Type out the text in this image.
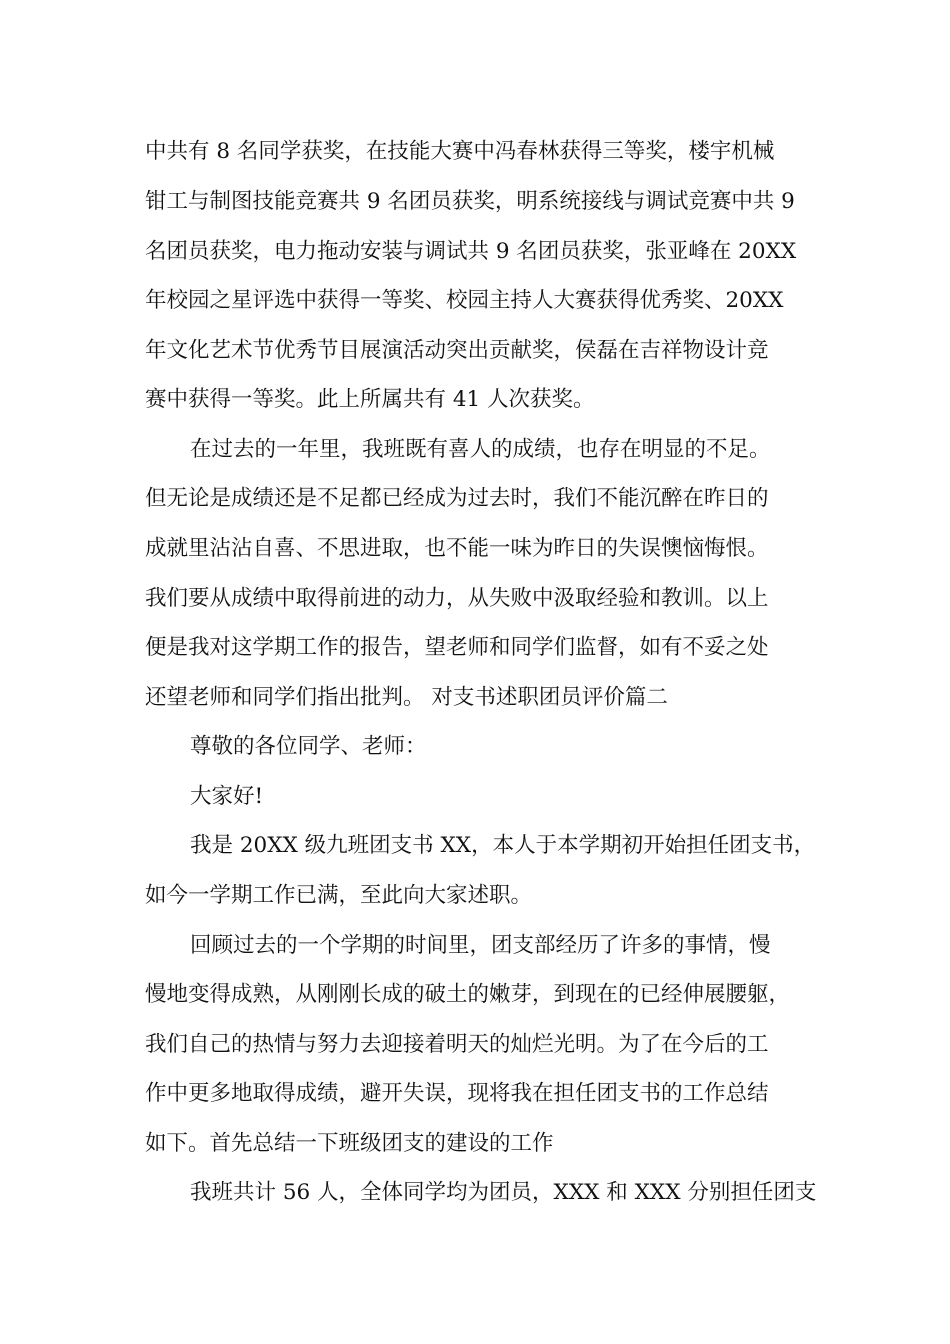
中共有 8 名同学获奖，在技能大赛中冯春林获得三等奖，楼宇机械
钳工与制图技能竞赛共 9 名团员获奖，明系统接线与调试竞赛中共 9
名团员获奖，电力拖动安装与调试共 9 名团员获奖，张亚峰在 20XX
年校园之星评选中获得一等奖、校园主持人大赛获得优秀奖、20XX
年文化艺术节优秀节目展演活动突出贡献奖，侯磊在吉祥物设计竞
赛中获得一等奖。此上所属共有 41 人次获奖。
在过去的一年里，我班既有喜人的成绩，也存在明显的不足。
但无论是成绩还是不足都已经成为过去时，我们不能沉醉在昨日的
成就里沾沾自喜、不思进取，也不能一味为昨日的失误懊恼悔恨。
我们要从成绩中取得前进的动力，从失败中汲取经验和教训。以上
便是我对这学期工作的报告，望老师和同学们监督，如有不妥之处
还望老师和同学们指出批判。 对支书述职团员评价篇二
尊敬的各位同学、老师：
大家好!
我是 20XX 级九班团支书 XX，本人于本学期初开始担任团支书，
如今一学期工作已满，至此向大家述职。
回顾过去的一个学期的时间里，团支部经历了许多的事情，慢
慢地变得成熟，从刚刚长成的破土的嫩芽，到现在的已经伸展腰躯，
我们自己的热情与努力去迎接着明天的灿烂光明。为了在今后的工
作中更多地取得成绩，避开失误，现将我在担任团支书的工作总结
如下。首先总结一下班级团支的建设的工作
我班共计 56 人，全体同学均为团员，XXX 和 XXX 分别担任团支
